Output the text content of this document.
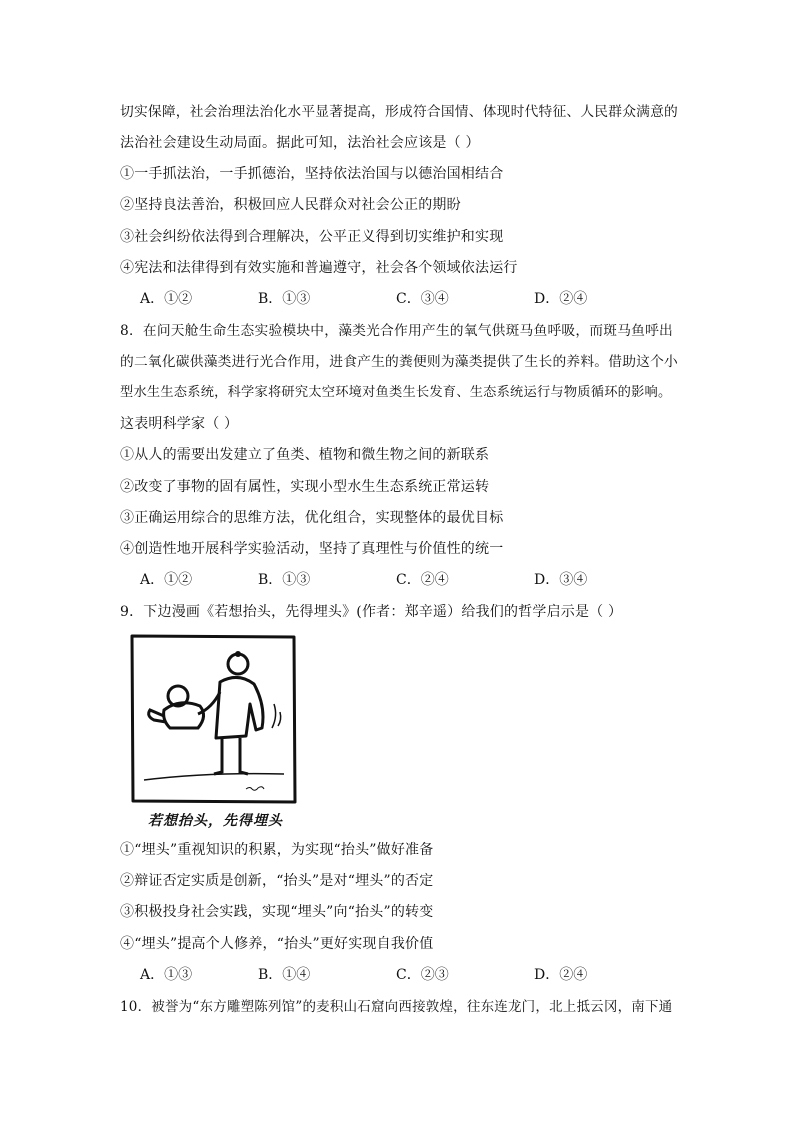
切实保障，社会治理法治化水平显著提高，形成符合国情、体现时代特征、人民群众满意的
法治社会建设生动局面。据此可知，法治社会应该是（ ）
①一手抓法治，一手抓德治，坚持依法治国与以德治国相结合
②坚持良法善治，积极回应人民群众对社会公正的期盼
③社会纠纷依法得到合理解决，公平正义得到切实维护和实现
④宪法和法律得到有效实施和普遍遵守，社会各个领域依法运行
A．①②	B．①③	C．③④	D．②④
8．在问天舱生命生态实验模块中，藻类光合作用产生的氧气供斑马鱼呼吸，而斑马鱼呼出
的二氧化碳供藻类进行光合作用，进食产生的粪便则为藻类提供了生长的养料。借助这个小
型水生生态系统，科学家将研究太空环境对鱼类生长发育、生态系统运行与物质循环的影响。
这表明科学家（ ）
①从人的需要出发建立了鱼类、植物和微生物之间的新联系
②改变了事物的固有属性，实现小型水生生态系统正常运转
③正确运用综合的思维方法，优化组合，实现整体的最优目标
④创造性地开展科学实验活动，坚持了真理性与价值性的统一
A．①②	B．①③	C．②④	D．③④
9．下边漫画《若想抬头，先得埋头》(作者：郑辛遥）给我们的哲学启示是（ ）
若想抬头，先得埋头
①“埋头”重视知识的积累，为实现“抬头”做好准备
②辩证否定实质是创新，“抬头”是对“埋头”的否定
③积极投身社会实践，实现“埋头”向“抬头”的转变
④“埋头”提高个人修养，“抬头”更好实现自我价值
A．①③	B．①④	C．②③	D．②④
10．被誉为“东方雕塑陈列馆”的麦积山石窟向西接敦煌，往东连龙门，北上抵云冈，南下通
